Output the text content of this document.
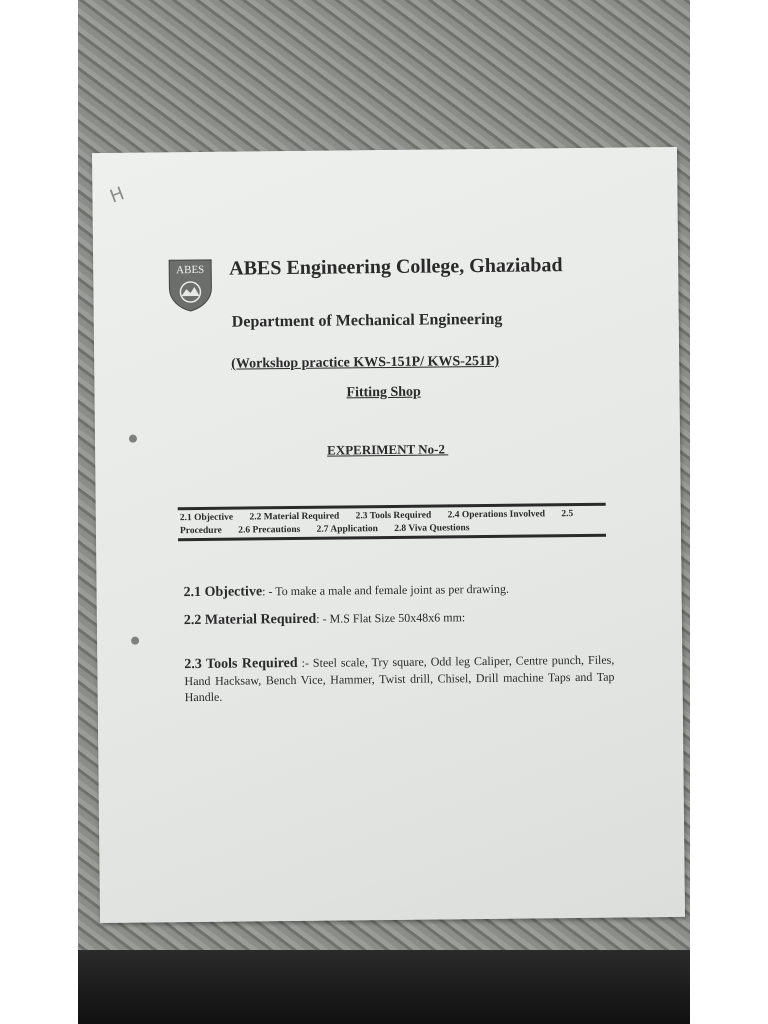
H
ABES ABES Engineering College, Ghaziabad
Department of Mechanical Engineering
(Workshop practice KWS-151P/ KWS-251P)
Fitting Shop
EXPERIMENT No-2
2.1 Objective 2.2 Material Required 2.3 Tools Required 2.4 Operations Involved 2.5 Procedure 2.6 Precautions 2.7 Application 2.8 Viva Questions
2.1 Objective: - To make a male and female joint as per drawing.
2.2 Material Required: - M.S Flat Size 50x48x6 mm:
2.3 Tools Required :- Steel scale, Try square, Odd leg Caliper, Centre punch, Files, Hand Hacksaw, Bench Vice, Hammer, Twist drill, Chisel, Drill machine Taps and Tap Handle.
